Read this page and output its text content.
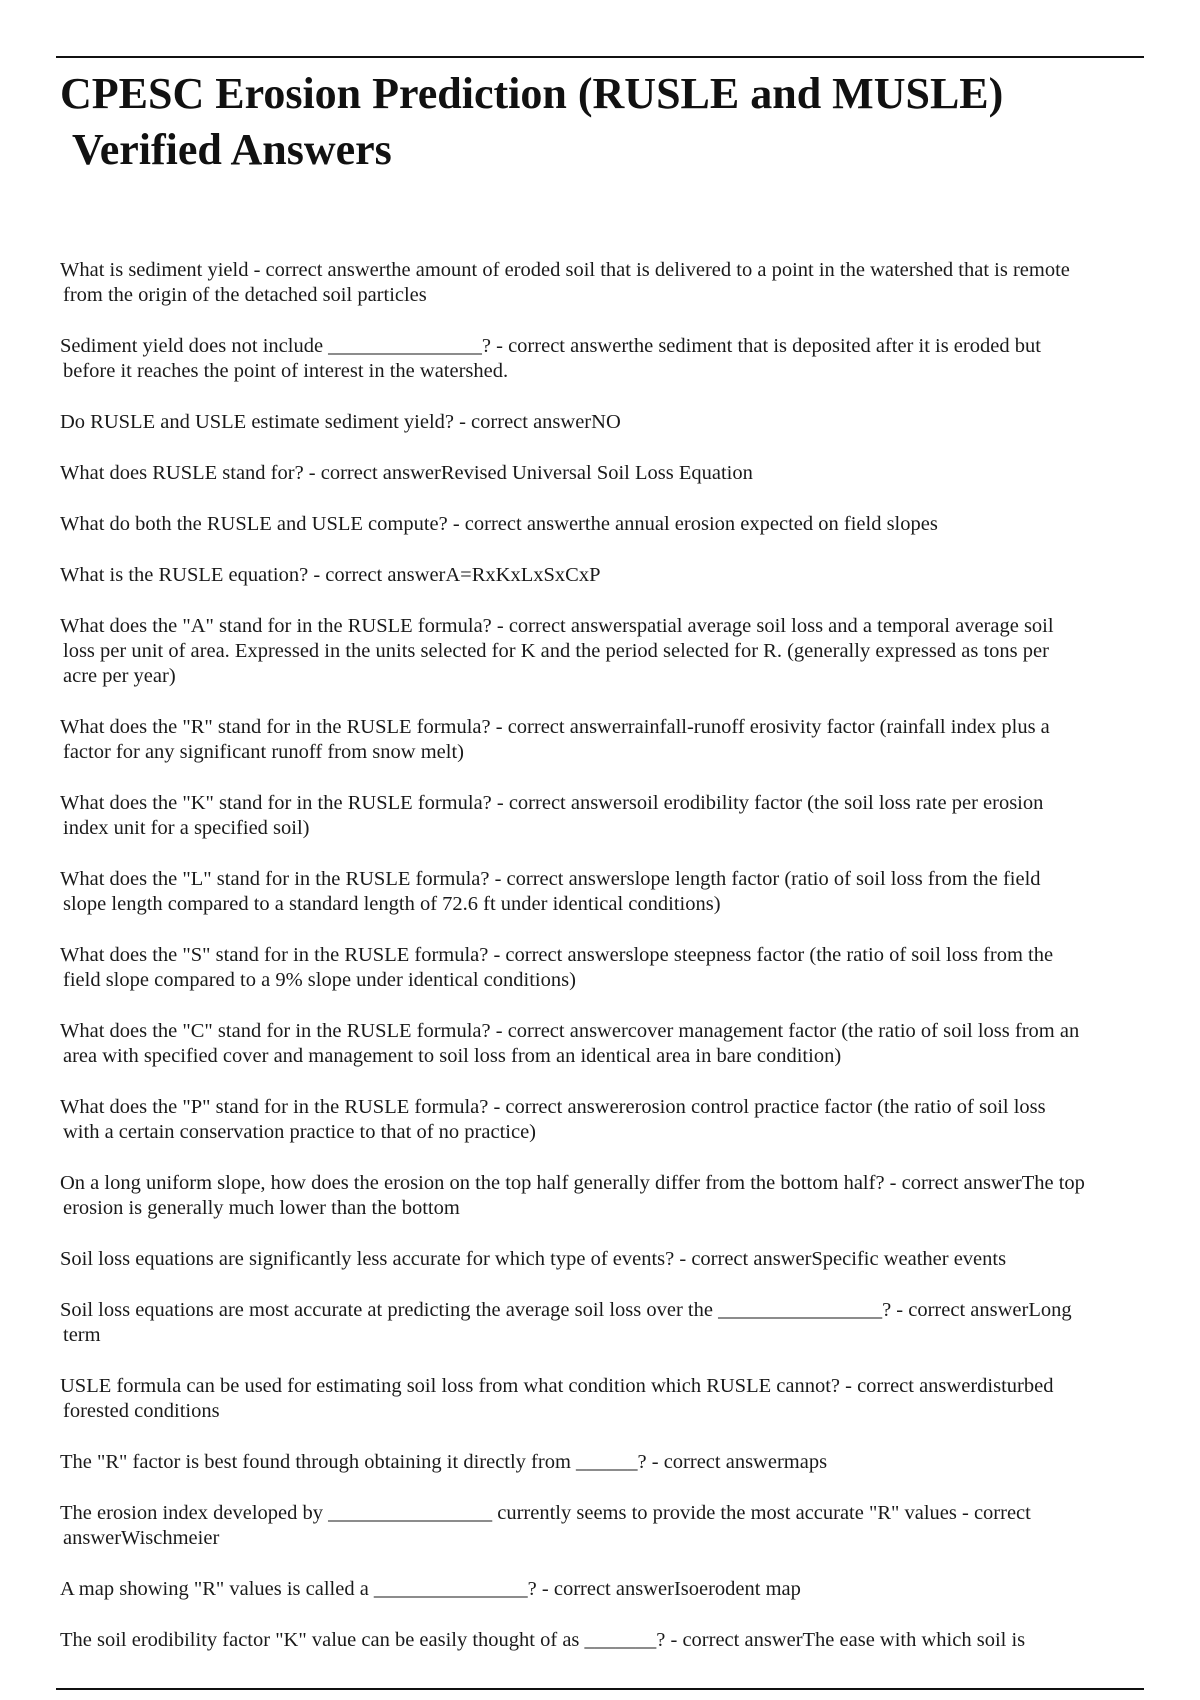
CPESC Erosion Prediction (RUSLE and MUSLE)
Verified Answers
What is sediment yield - correct answerthe amount of eroded soil that is delivered to a point in the watershed that is remote
from the origin of the detached soil particles
Sediment yield does not include _______________? - correct answerthe sediment that is deposited after it is eroded but
before it reaches the point of interest in the watershed.
Do RUSLE and USLE estimate sediment yield? - correct answerNO
What does RUSLE stand for? - correct answerRevised Universal Soil Loss Equation
What do both the RUSLE and USLE compute? - correct answerthe annual erosion expected on field slopes
What is the RUSLE equation? - correct answerA=RxKxLxSxCxP
What does the "A" stand for in the RUSLE formula? - correct answerspatial average soil loss and a temporal average soil
loss per unit of area. Expressed in the units selected for K and the period selected for R. (generally expressed as tons per
acre per year)
What does the "R" stand for in the RUSLE formula? - correct answerrainfall-runoff erosivity factor (rainfall index plus a
factor for any significant runoff from snow melt)
What does the "K" stand for in the RUSLE formula? - correct answersoil erodibility factor (the soil loss rate per erosion
index unit for a specified soil)
What does the "L" stand for in the RUSLE formula? - correct answerslope length factor (ratio of soil loss from the field
slope length compared to a standard length of 72.6 ft under identical conditions)
What does the "S" stand for in the RUSLE formula? - correct answerslope steepness factor (the ratio of soil loss from the
field slope compared to a 9% slope under identical conditions)
What does the "C" stand for in the RUSLE formula? - correct answercover management factor (the ratio of soil loss from an
area with specified cover and management to soil loss from an identical area in bare condition)
What does the "P" stand for in the RUSLE formula? - correct answererosion control practice factor (the ratio of soil loss
with a certain conservation practice to that of no practice)
On a long uniform slope, how does the erosion on the top half generally differ from the bottom half? - correct answerThe top
erosion is generally much lower than the bottom
Soil loss equations are significantly less accurate for which type of events? - correct answerSpecific weather events
Soil loss equations are most accurate at predicting the average soil loss over the ________________? - correct answerLong
term
USLE formula can be used for estimating soil loss from what condition which RUSLE cannot? - correct answerdisturbed
forested conditions
The "R" factor is best found through obtaining it directly from ______? - correct answermaps
The erosion index developed by ________________ currently seems to provide the most accurate "R" values - correct
answerWischmeier
A map showing "R" values is called a _______________? - correct answerIsoerodent map
The soil erodibility factor "K" value can be easily thought of as _______? - correct answerThe ease with which soil is
